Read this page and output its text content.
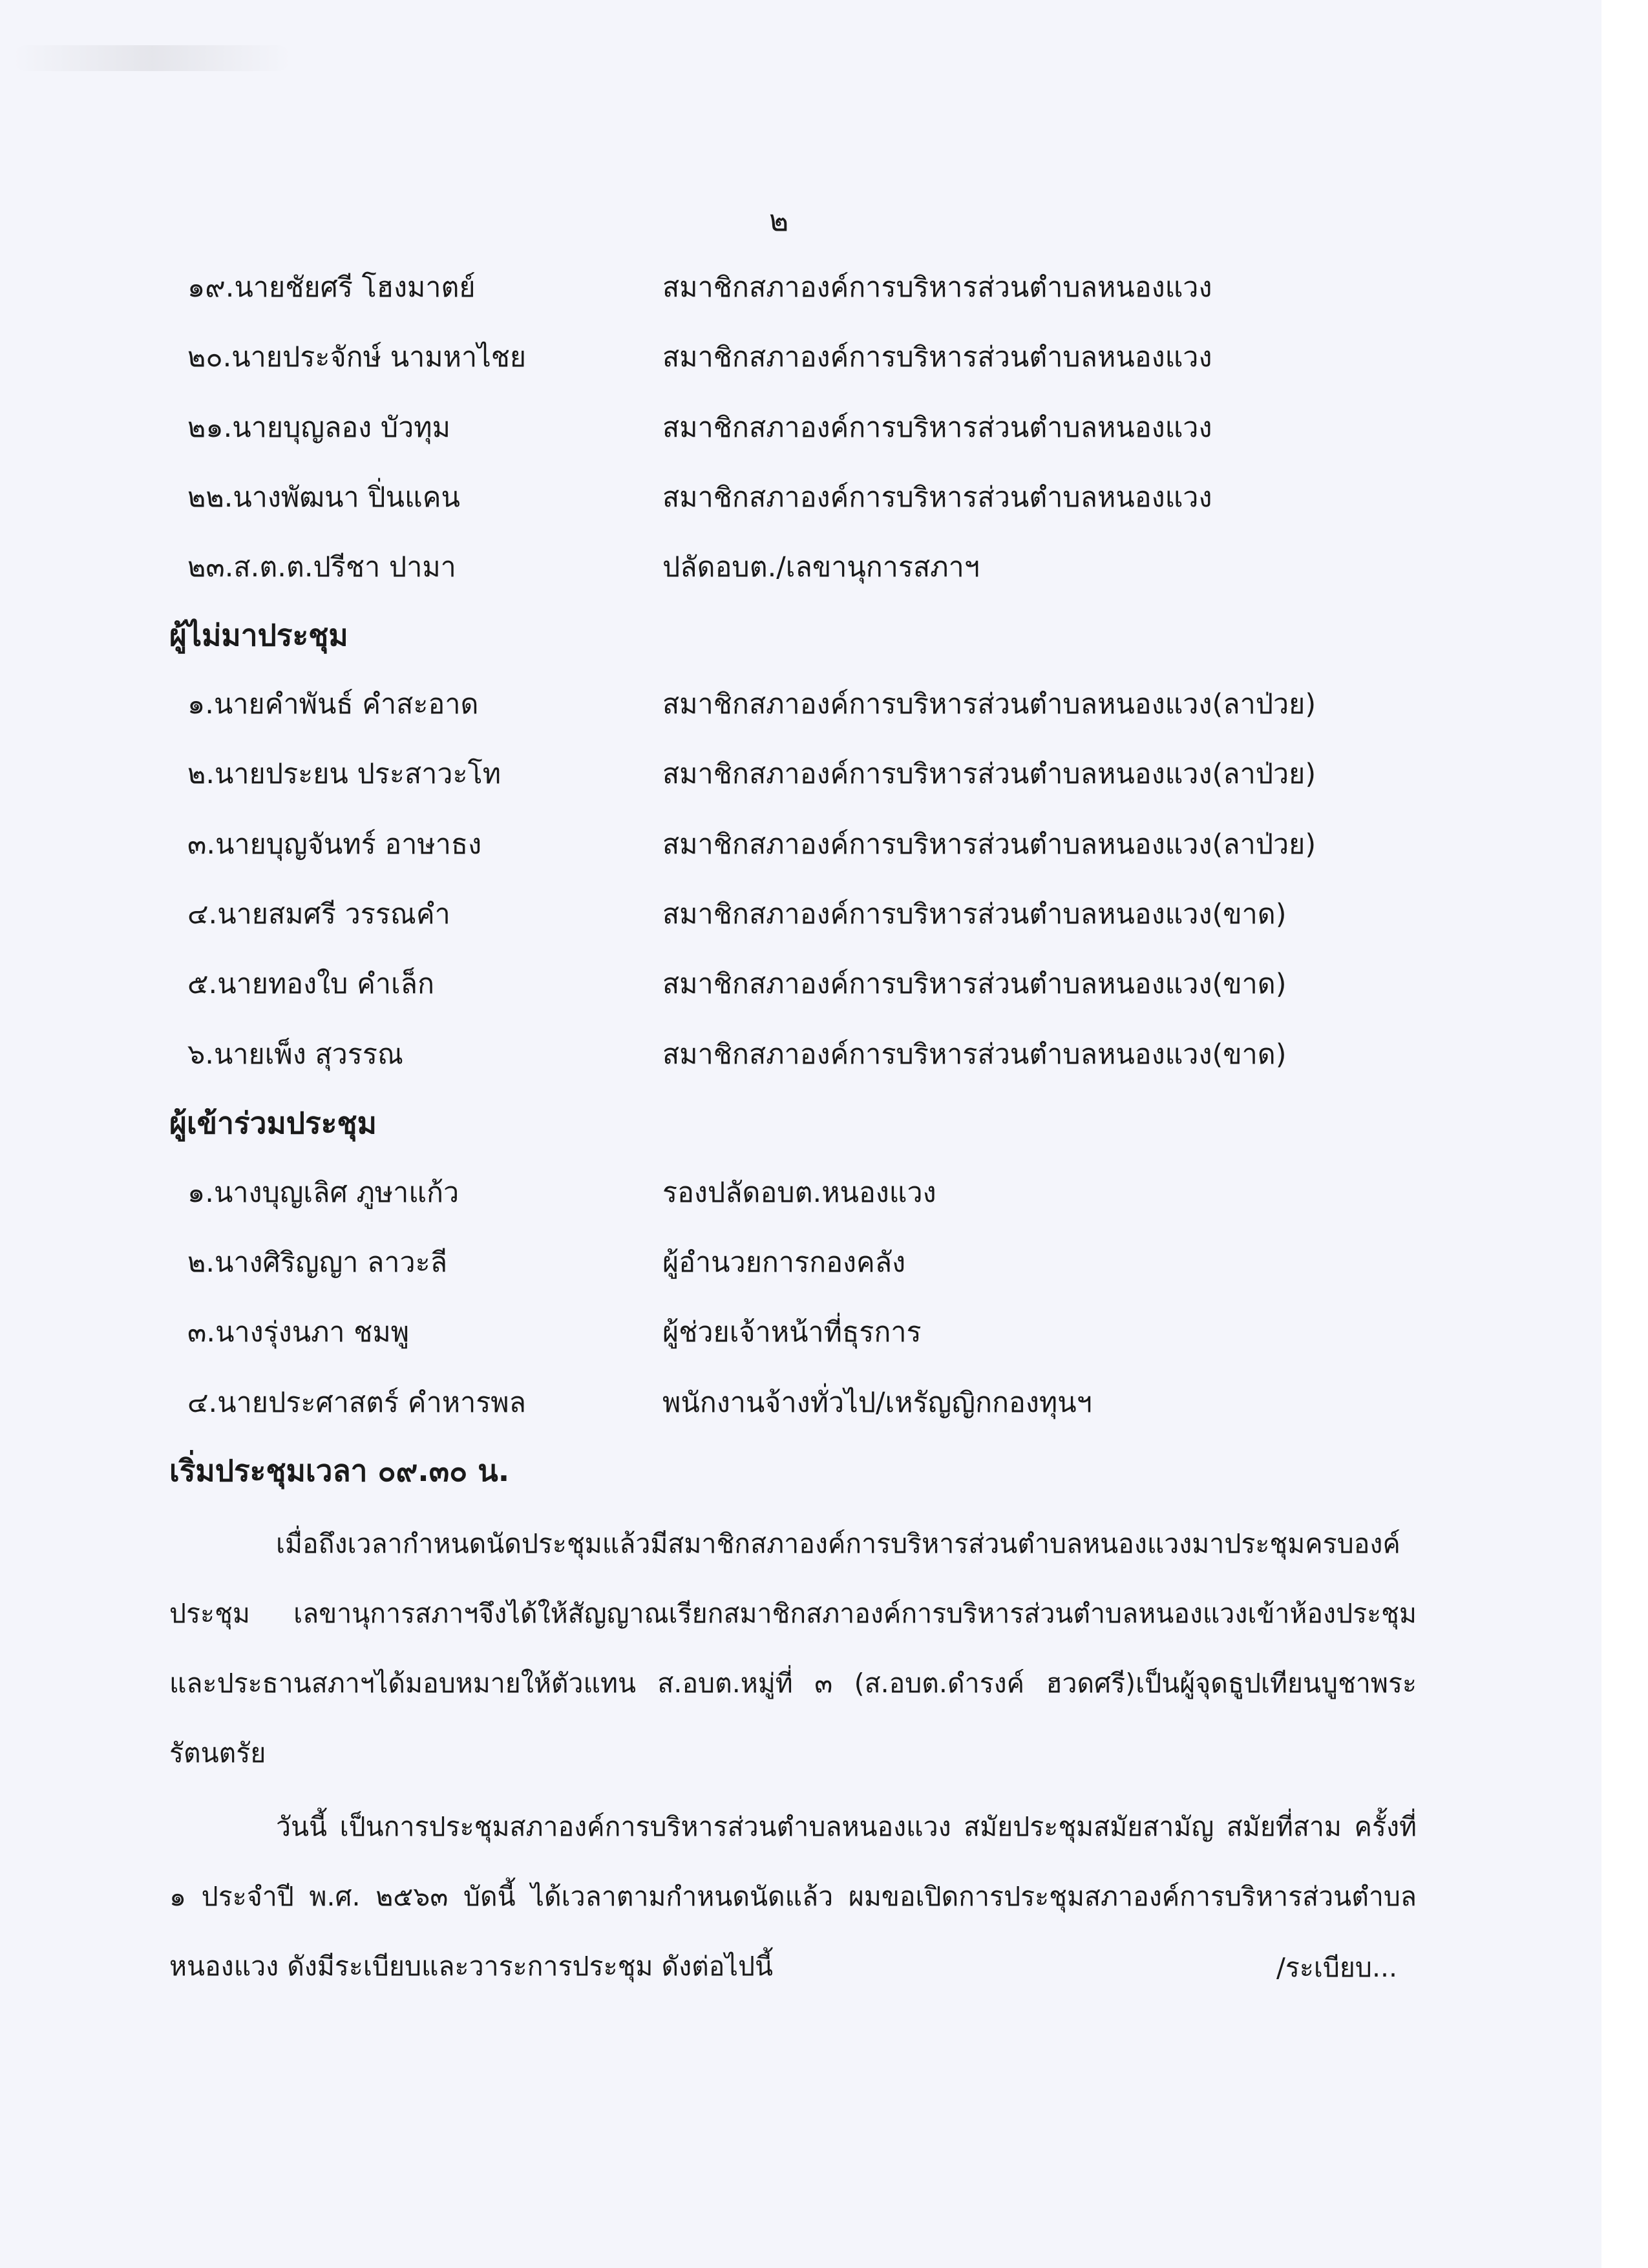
๒
๑๙.นายชัยศรี โฮงมาตย์	สมาชิกสภาองค์การบริหารส่วนตำบลหนองแวง
๒๐.นายประจักษ์ นามหาไชย	สมาชิกสภาองค์การบริหารส่วนตำบลหนองแวง
๒๑.นายบุญลอง บัวทุม	สมาชิกสภาองค์การบริหารส่วนตำบลหนองแวง
๒๒.นางพัฒนา ปิ่นแคน	สมาชิกสภาองค์การบริหารส่วนตำบลหนองแวง
๒๓.ส.ต.ต.ปรีชา ปามา	ปลัดอบต./เลขานุการสภาฯ
ผู้ไม่มาประชุม
๑.นายคำพันธ์ คำสะอาด	สมาชิกสภาองค์การบริหารส่วนตำบลหนองแวง(ลาป่วย)
๒.นายประยน ประสาวะโท	สมาชิกสภาองค์การบริหารส่วนตำบลหนองแวง(ลาป่วย)
๓.นายบุญจันทร์ อาษาธง	สมาชิกสภาองค์การบริหารส่วนตำบลหนองแวง(ลาป่วย)
๔.นายสมศรี วรรณคำ	สมาชิกสภาองค์การบริหารส่วนตำบลหนองแวง(ขาด)
๕.นายทองใบ คำเล็ก	สมาชิกสภาองค์การบริหารส่วนตำบลหนองแวง(ขาด)
๖.นายเพ็ง สุวรรณ	สมาชิกสภาองค์การบริหารส่วนตำบลหนองแวง(ขาด)
ผู้เข้าร่วมประชุม
๑.นางบุญเลิศ ภูษาแก้ว	รองปลัดอบต.หนองแวง
๒.นางศิริญญา ลาวะลี	ผู้อำนวยการกองคลัง
๓.นางรุ่งนภา ชมพู	ผู้ช่วยเจ้าหน้าที่ธุรการ
๔.นายประศาสตร์ คำหารพล	พนักงานจ้างทั่วไป/เหรัญญิกกองทุนฯ
เริ่มประชุมเวลา ๐๙.๓๐ น.

เมื่อถึงเวลากำหนดนัดประชุมแล้วมีสมาชิกสภาองค์การบริหารส่วนตำบลหนองแวงมาประชุมครบองค์ประชุม เลขานุการสภาฯจึงได้ให้สัญญาณเรียกสมาชิกสภาองค์การบริหารส่วนตำบลหนองแวงเข้าห้องประชุมและประธานสภาฯได้มอบหมายให้ตัวแทน ส.อบต.หมู่ที่ ๓ (ส.อบต.ดำรงค์ ฮวดศรี)เป็นผู้จุดธูปเทียนบูชาพระรัตนตรัย

วันนี้ เป็นการประชุมสภาองค์การบริหารส่วนตำบลหนองแวง สมัยประชุมสมัยสามัญ สมัยที่สาม ครั้งที่ ๑ ประจำปี พ.ศ. ๒๕๖๓ บัดนี้ ได้เวลาตามกำหนดนัดแล้ว ผมขอเปิดการประชุมสภาองค์การบริหารส่วนตำบลหนองแวง ดังมีระเบียบและวาระการประชุม ดังต่อไปนี้	/ระเบียบ...
